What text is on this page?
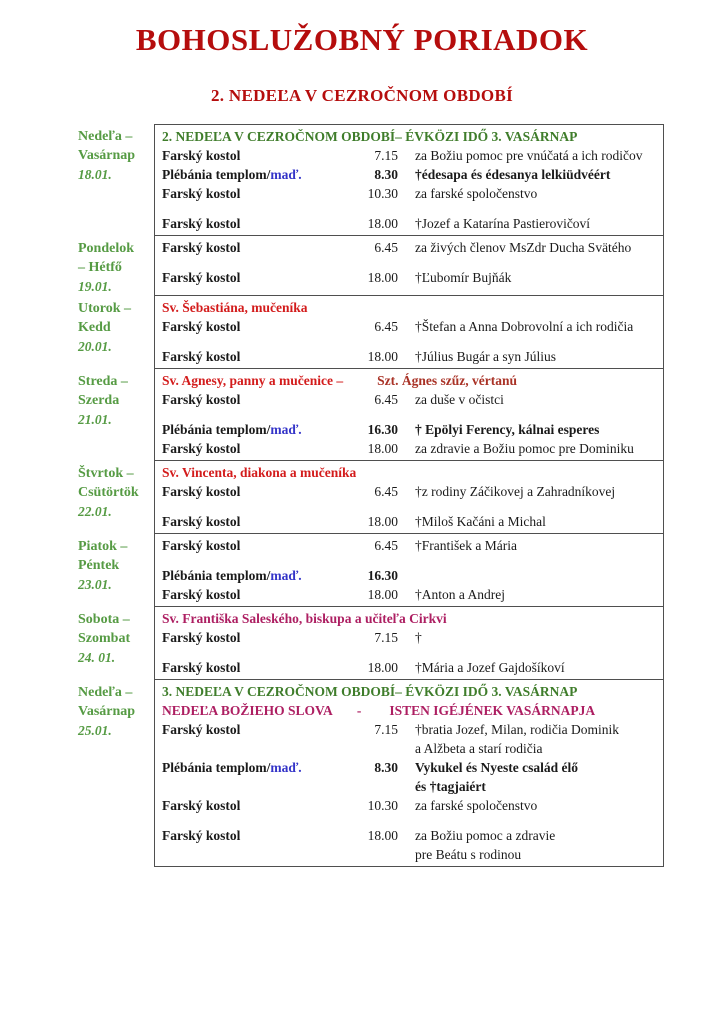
BOHOSLUŽOBNÝ PORIADOK
2. NEDEĽA V CEZROČNOM OBDOBÍ
Nedeľa –
Vasárnap
18.01.
2. NEDEĽA V CEZROČNOM OBDOBÍ– ÉVKÖZI IDŐ 3. VASÁRNAP
Farský kostol	7.15 za Božiu pomoc pre vnúčatá a ich rodičov
Plébánia templom/maď.	8.30 †édesapa és édesanya lelkiüdvéért
Farský kostol	10.30 za farské spoločenstvo
Farský kostol	18.00 †Jozef a Katarína Pastierovičoví
Pondelok
– Hétfő
19.01.
Farský kostol	6.45 za živých členov MsZdr Ducha Svätého
Farský kostol	18.00 †Ľubomír Bujňák
Utorok –
Kedd
20.01.
Sv. Šebastiána, mučeníka
Farský kostol	6.45 †Štefan a Anna Dobrovolní a ich rodičia
Farský kostol	18.00 †Július Bugár a syn Július
Streda –
Szerda
21.01.
Sv. Agnesy, panny a mučenice –	Szt. Ágnes szűz, vértanú
Farský kostol	6.45 za duše v očistci
Plébánia templom/maď.	16.30 † Epölyi Ferency, kálnai esperes
Farský kostol	18.00 za zdravie a Božiu pomoc pre Dominiku
Štvrtok –
Csütörtök
22.01.
Sv. Vincenta, diakona a mučeníka
Farský kostol	6.45 †z rodiny Záčikovej a Zahradníkovej
Farský kostol	18.00 †Miloš Kačáni a Michal
Piatok –
Péntek
23.01.
Farský kostol	6.45 †František a Mária
Plébánia templom/maď.	16.30
Farský kostol	18.00 †Anton a Andrej
Sobota –
Szombat
24. 01.
Sv. Františka Saleského, biskupa a učiteľa Cirkvi
Farský kostol	7.15 †
Farský kostol	18.00 †Mária a Jozef Gajdošíkoví
Nedeľa –
Vasárnap
25.01.
3. NEDEĽA V CEZROČNOM OBDOBÍ– ÉVKÖZI IDŐ 3. VASÁRNAP
NEDEĽA BOŽIEHO SLOVA - ISTEN IGÉJÉNEK VASÁRNAPJA
Farský kostol	7.15 †bratia Jozef, Milan, rodičia Dominik
a Alžbeta a starí rodičia
Plébánia templom/maď.	8.30 Vykukel és Nyeste család élő
és †tagjaiért
Farský kostol	10.30 za farské spoločenstvo
Farský kostol	18.00 za Božiu pomoc a zdravie
pre Beátu s rodinou
